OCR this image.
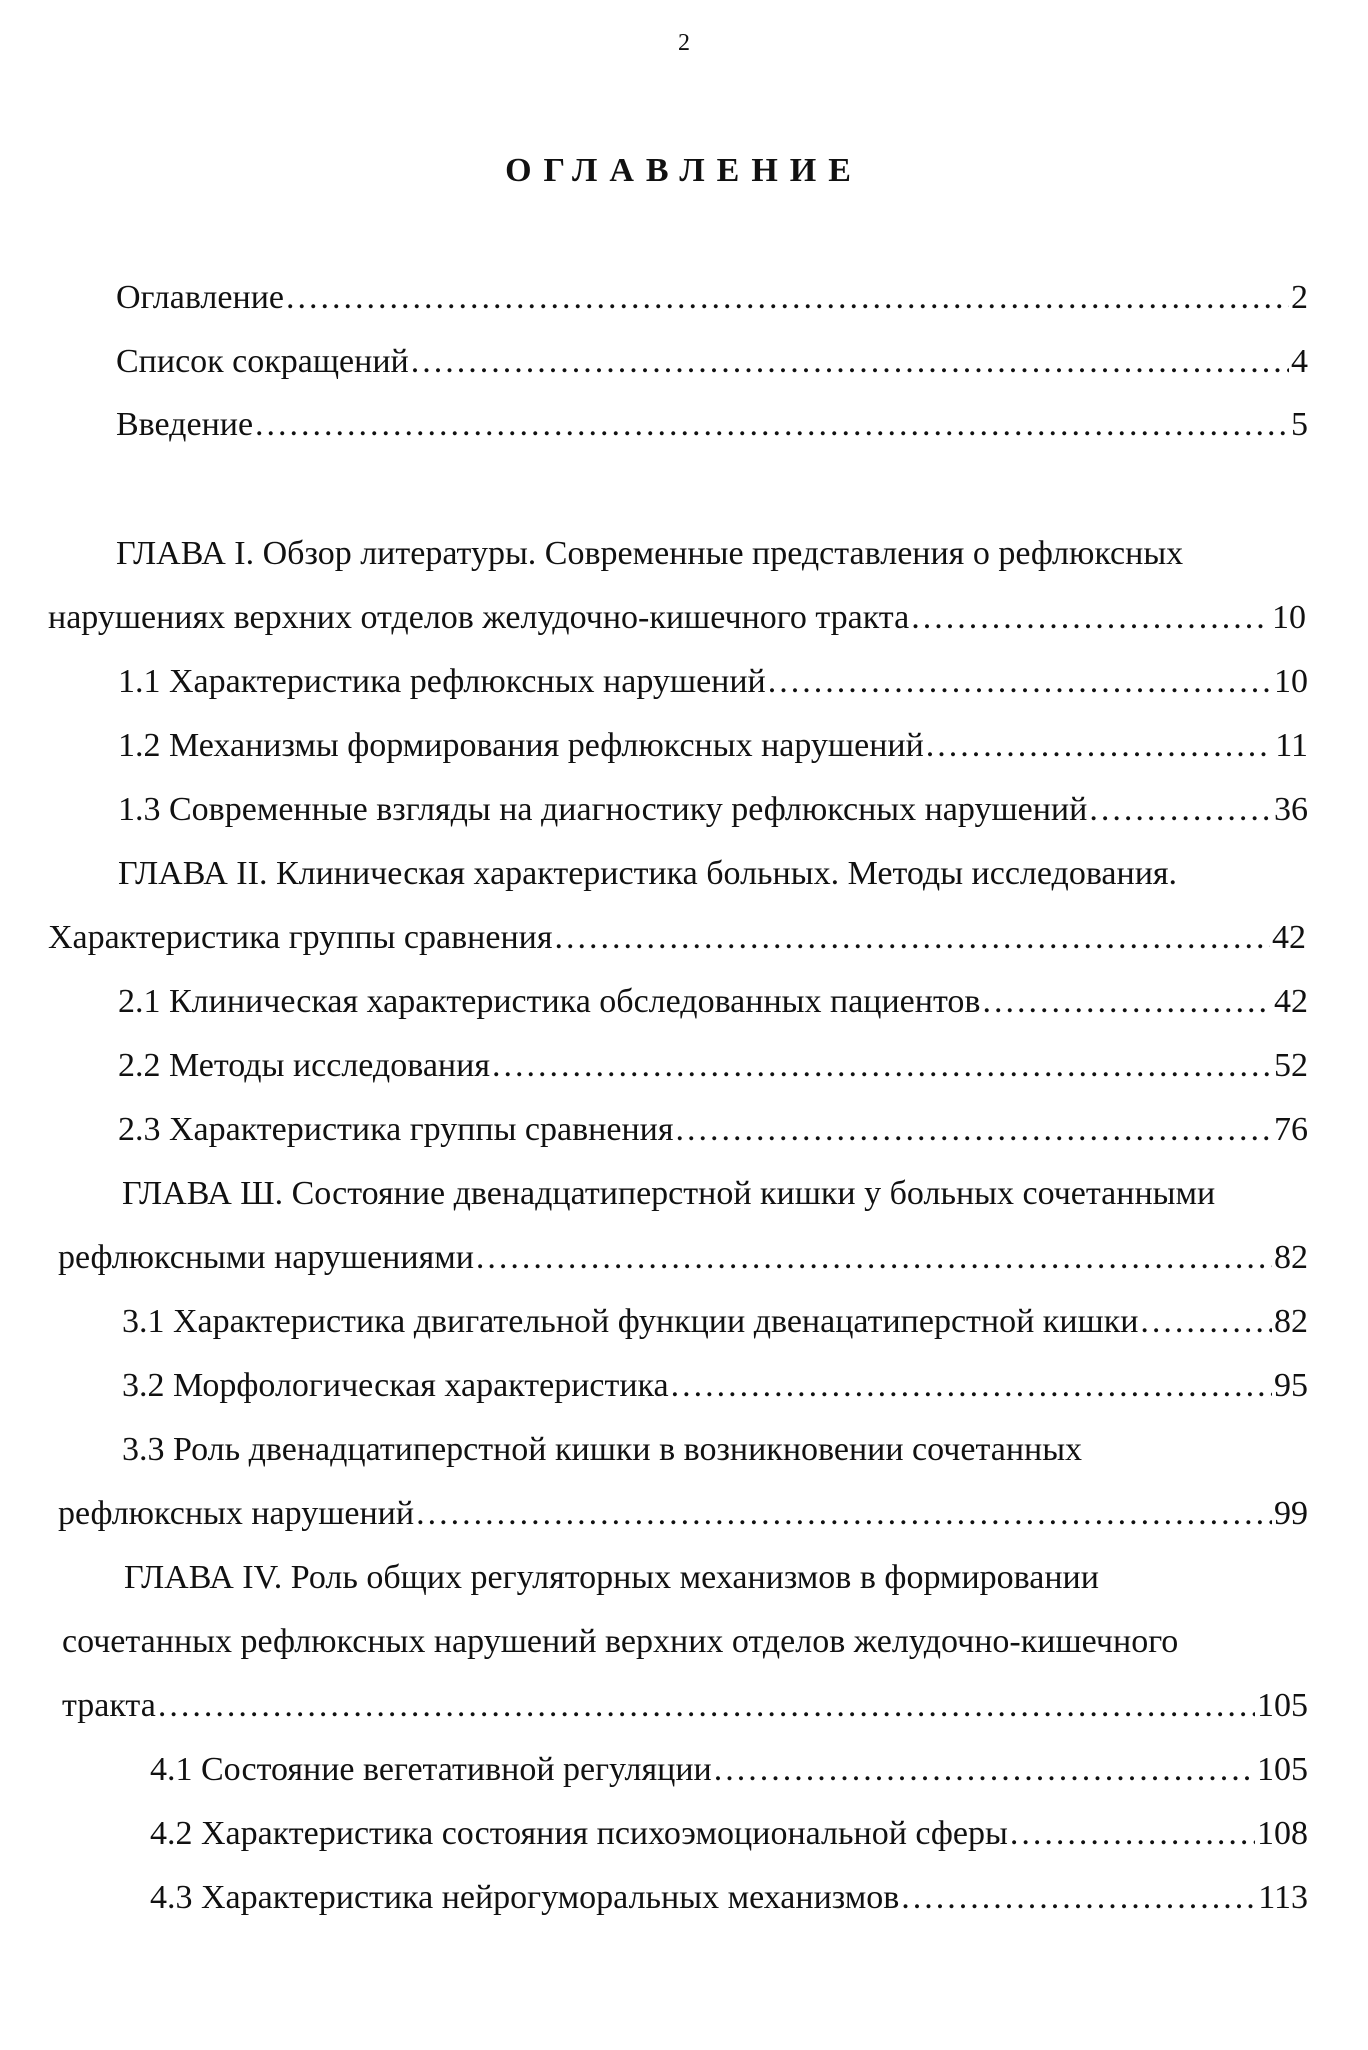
2
ОГЛАВЛЕНИЕ
Оглавление .....	2
Список сокращений .....	4
Введение .....	5
ГЛАВА I. Обзор литературы. Современные представления о рефлюксных
нарушениях верхних отделов желудочно-кишечного тракта .....	10
1.1 Характеристика рефлюксных нарушений .....	10
1.2 Механизмы формирования рефлюксных нарушений .....	11
1.3 Современные взгляды на диагностику рефлюксных нарушений .....	36
ГЛАВА II. Клиническая характеристика больных. Методы исследования.
Характеристика группы сравнения .....	42
2.1 Клиническая характеристика обследованных пациентов .....	42
2.2 Методы исследования .....	52
2.3 Характеристика группы сравнения .....	76
ГЛАВА Ш. Состояние двенадцатиперстной кишки у больных сочетанными
рефлюксными нарушениями .....	82
3.1 Характеристика двигательной функции двенацатиперстной кишки .....	82
3.2 Морфологическая характеристика .....	95
3.3 Роль двенадцатиперстной кишки в возникновении сочетанных
рефлюксных нарушений .....	99
ГЛАВА IV. Роль общих регуляторных механизмов в формировании
сочетанных рефлюксных нарушений верхних отделов желудочно-кишечного
тракта .....	105
4.1 Состояние вегетативной регуляции .....	105
4.2 Характеристика состояния психоэмоциональной сферы .....	108
4.3 Характеристика нейрогуморальных механизмов .....	113
